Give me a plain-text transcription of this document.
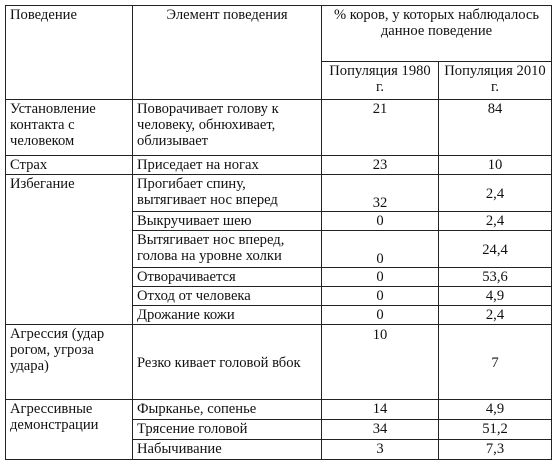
Поведение	Элемент поведения	% коров, у которых наблюдалось данное поведение	
		Популяция 1980 г.	Популяция 2010 г.
Установление контакта с человеком	Поворачивает голову к человеку, обнюхивает, облизывает	21	84
Страх	Приседает на ногах	23	10
Избегание	Прогибает спину, вытягивает нос вперед	32	2,4
	Выкручивает шею	0	2,4
	Вытягивает нос вперед, голова на уровне холки	0	24,4
	Отворачивается	0	53,6
	Отход от человека	0	4,9
	Дрожание кожи	0	2,4
Агрессия (удар рогом, угроза удара)	Резко кивает головой вбок	10	7
Агрессивные демонстрации	Фырканье, сопенье	14	4,9
	Трясение головой	34	51,2
	Набычивание	3	7,3
